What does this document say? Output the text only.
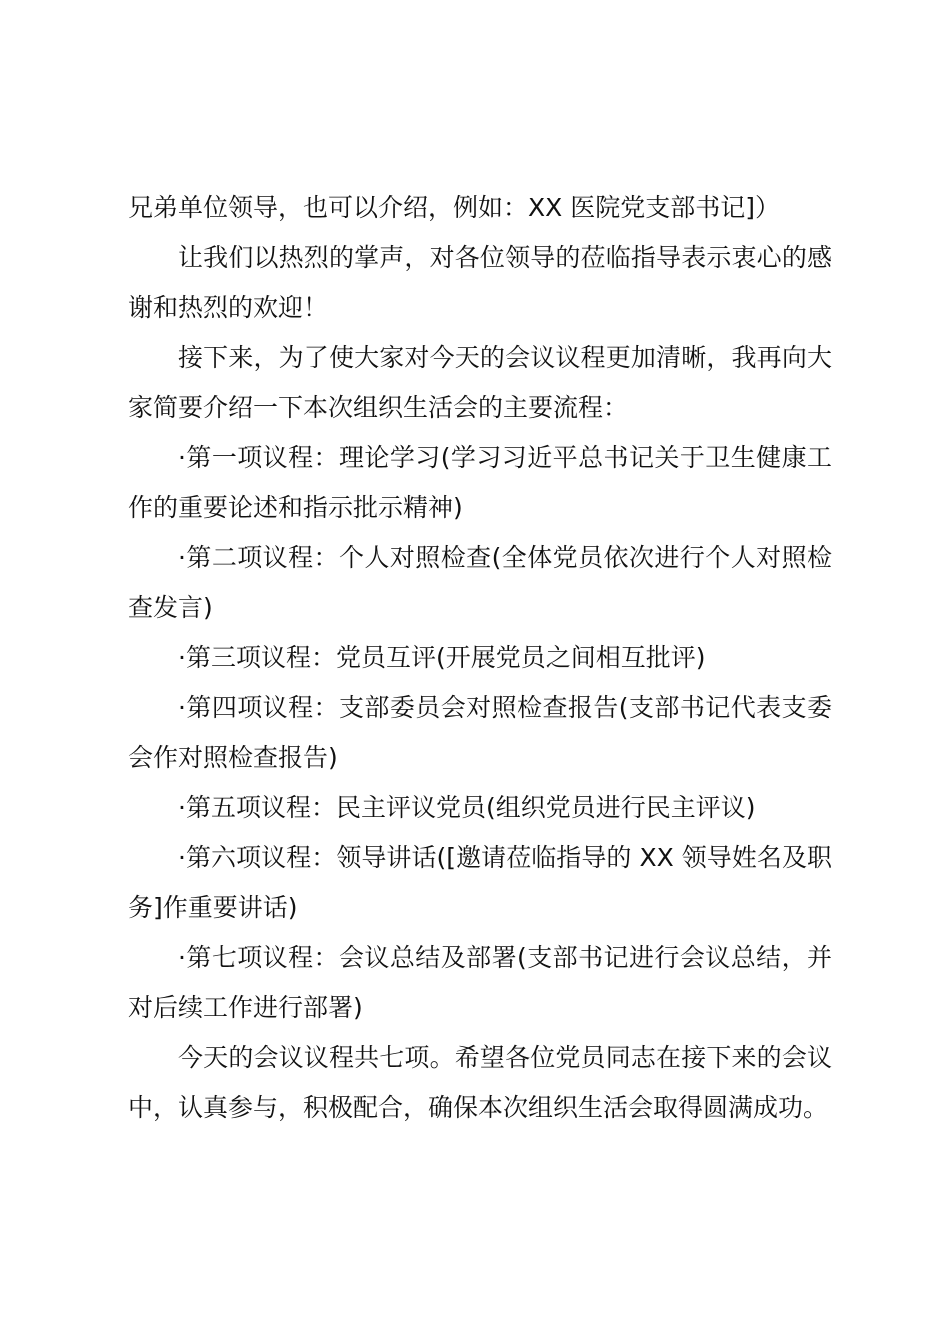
兄弟单位领导，也可以介绍，例如：XX 医院党支部书记]）

让我们以热烈的掌声，对各位领导的莅临指导表示衷心的感谢和热烈的欢迎！

接下来，为了使大家对今天的会议议程更加清晰，我再向大家简要介绍一下本次组织生活会的主要流程：

·第一项议程：理论学习(学习习近平总书记关于卫生健康工作的重要论述和指示批示精神)

·第二项议程：个人对照检查(全体党员依次进行个人对照检查发言)

·第三项议程：党员互评(开展党员之间相互批评)

·第四项议程：支部委员会对照检查报告(支部书记代表支委会作对照检查报告)

·第五项议程：民主评议党员(组织党员进行民主评议)

·第六项议程：领导讲话([邀请莅临指导的 XX 领导姓名及职务]作重要讲话)

·第七项议程：会议总结及部署(支部书记进行会议总结，并对后续工作进行部署)

今天的会议议程共七项。希望各位党员同志在接下来的会议中，认真参与，积极配合，确保本次组织生活会取得圆满成功。
